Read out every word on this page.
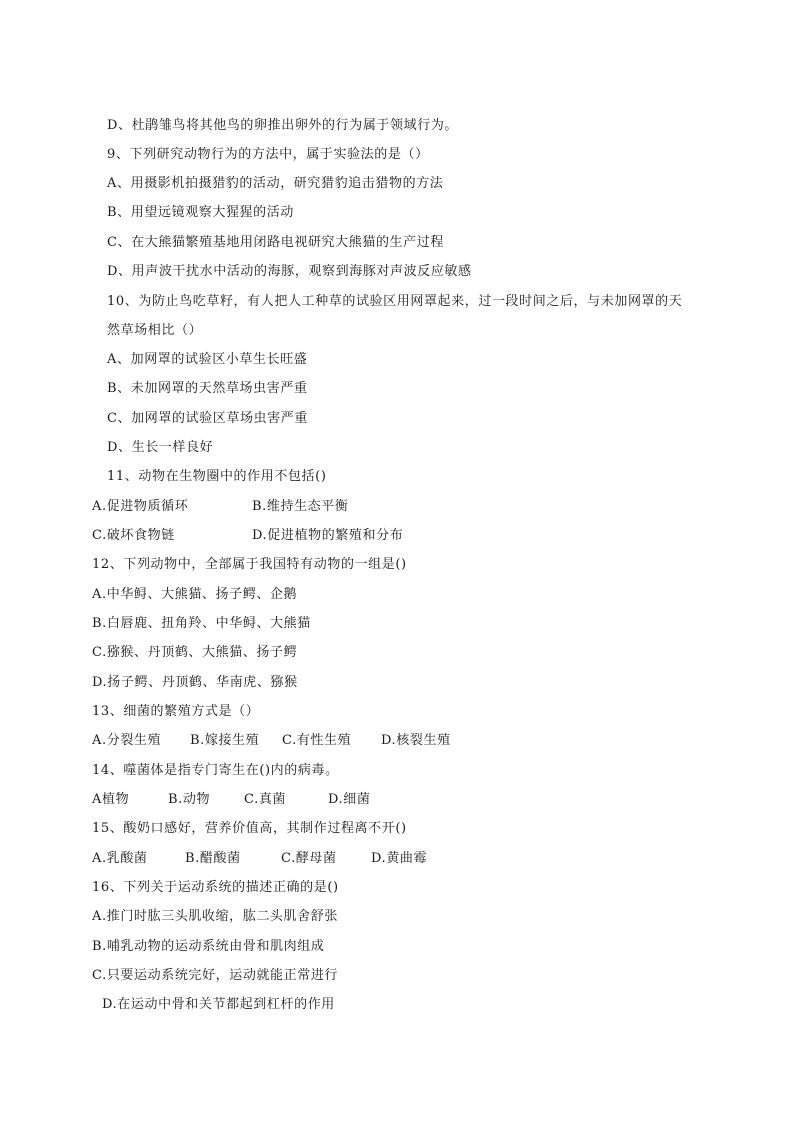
D、杜鹃雏鸟将其他鸟的卵推出卵外的行为属于领域行为。
9、下列研究动物行为的方法中，属于实验法的是（）
A、用摄影机拍摄猎豹的活动，研究猎豹追击猎物的方法
B、用望远镜观察大猩猩的活动
C、在大熊猫繁殖基地用闭路电视研究大熊猫的生产过程
D、用声波干扰水中活动的海豚，观察到海豚对声波反应敏感
10、为防止鸟吃草籽，有人把人工种草的试验区用网罩起来，过一段时间之后，与未加网罩的天
然草场相比（）
A、加网罩的试验区小草生长旺盛
B、未加网罩的天然草场虫害严重
C、加网罩的试验区草场虫害严重
D、生长一样良好
11、动物在生物圈中的作用不包括()
A.促进物质循环	B.维持生态平衡
C.破坏食物链	D.促进植物的繁殖和分布
12、下列动物中，全部属于我国特有动物的一组是()
A.中华鲟、大熊猫、扬子鳄、企鹅
B.白唇鹿、扭角羚、中华鲟、大熊猫
C.猕猴、丹顶鹤、大熊猫、扬子鳄
D.扬子鳄、丹顶鹤、华南虎、猕猴
13、细菌的繁殖方式是（）
A.分裂生殖 B.嫁接生殖 C.有性生殖 D.核裂生殖
14、噬菌体是指专门寄生在()内的病毒。
A植物	B.动物	C.真菌	D.细菌
15、酸奶口感好，营养价值高，其制作过程离不开()
A.乳酸菌	B.醋酸菌	C.酵母菌	D.黄曲霉
16、下列关于运动系统的描述正确的是()
A.推门时肱三头肌收缩，肱二头肌舍舒张
B.哺乳动物的运动系统由骨和肌肉组成
C.只要运动系统完好，运动就能正常进行
D.在运动中骨和关节都起到杠杆的作用
